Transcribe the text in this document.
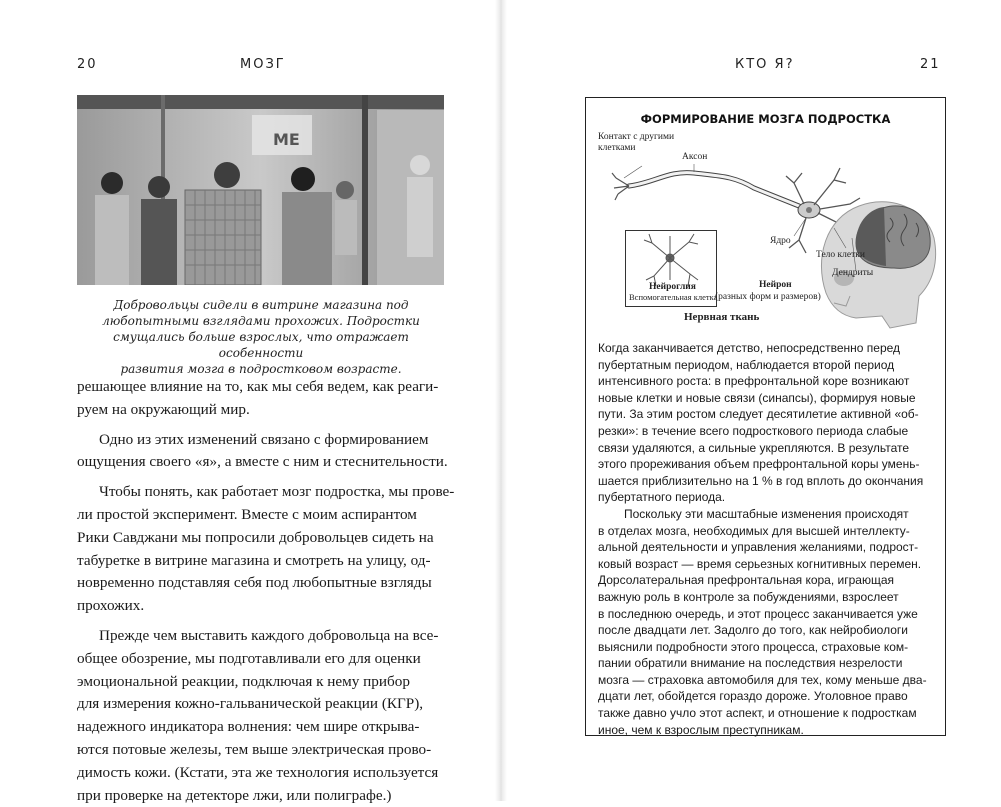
20	МОЗГ
ME

Добровольцы сидели в витрине магазина под

любопытными взглядами прохожих. Подростки

смущались больше взрослых, что отражает особенности

развития мозга в подростковом возрасте.

решающее влияние на то, как мы себя ведем, как реаги-

руем на окружающий мир.

Одно из этих изменений связано с формированием

ощущения своего «я», а вместе с ним и стеснительности.

Чтобы понять, как работает мозг подростка, мы прове-

ли простой эксперимент. Вместе с моим аспирантом

Рики Савджани мы попросили добровольцев сидеть на

табуретке в витрине магазина и смотреть на улицу, од-

новременно подставляя себя под любопытные взгляды

прохожих.

Прежде чем выставить каждого добровольца на все-

общее обозрение, мы подготавливали его для оценки

эмоциональной реакции, подключая к нему прибор

для измерения кожно-гальванической реакции (КГР),

надежного индикатора волнения: чем шире открыва-

ются потовые железы, тем выше электрическая прово-

димость кожи. (Кстати, эта же технология используется

при проверке на детекторе лжи, или полиграфе.)

КТО Я?	21
ФОРМИРОВАНИЕ МОЗГА ПОДРОСТКА
Контакт с другими
клетками
Аксон
Ядро
Тело клетки
Дендриты
Нейроглия
Вспомогательная клетка
Нейрон
(разных форм и размеров)
Нервная ткань

Когда заканчивается детство, непосредственно перед

пубертатным периодом, наблюдается второй период

интенсивного роста: в префронтальной коре возникают

новые клетки и новые связи (синапсы), формируя новые

пути. За этим ростом следует десятилетие активной «об-

резки»: в течение всего подросткового периода слабые

связи удаляются, а сильные укрепляются. В результате

этого прореживания объем префронтальной коры умень-

шается приблизительно на 1 % в год вплоть до окончания

пубертатного периода.

Поскольку эти масштабные изменения происходят

в отделах мозга, необходимых для высшей интеллекту-

альной деятельности и управления желаниями, подрост-

ковый возраст — время серьезных когнитивных перемен.

Дорсолатеральная префронтальная кора, играющая

важную роль в контроле за побуждениями, взрослеет

в последнюю очередь, и этот процесс заканчивается уже

после двадцати лет. Задолго до того, как нейробиологи

выяснили подробности этого процесса, страховые ком-

пании обратили внимание на последствия незрелости

мозга — страховка автомобиля для тех, кому меньше два-

дцати лет, обойдется гораздо дороже. Уголовное право

также давно учло этот аспект, и отношение к подросткам

иное, чем к взрослым преступникам.
